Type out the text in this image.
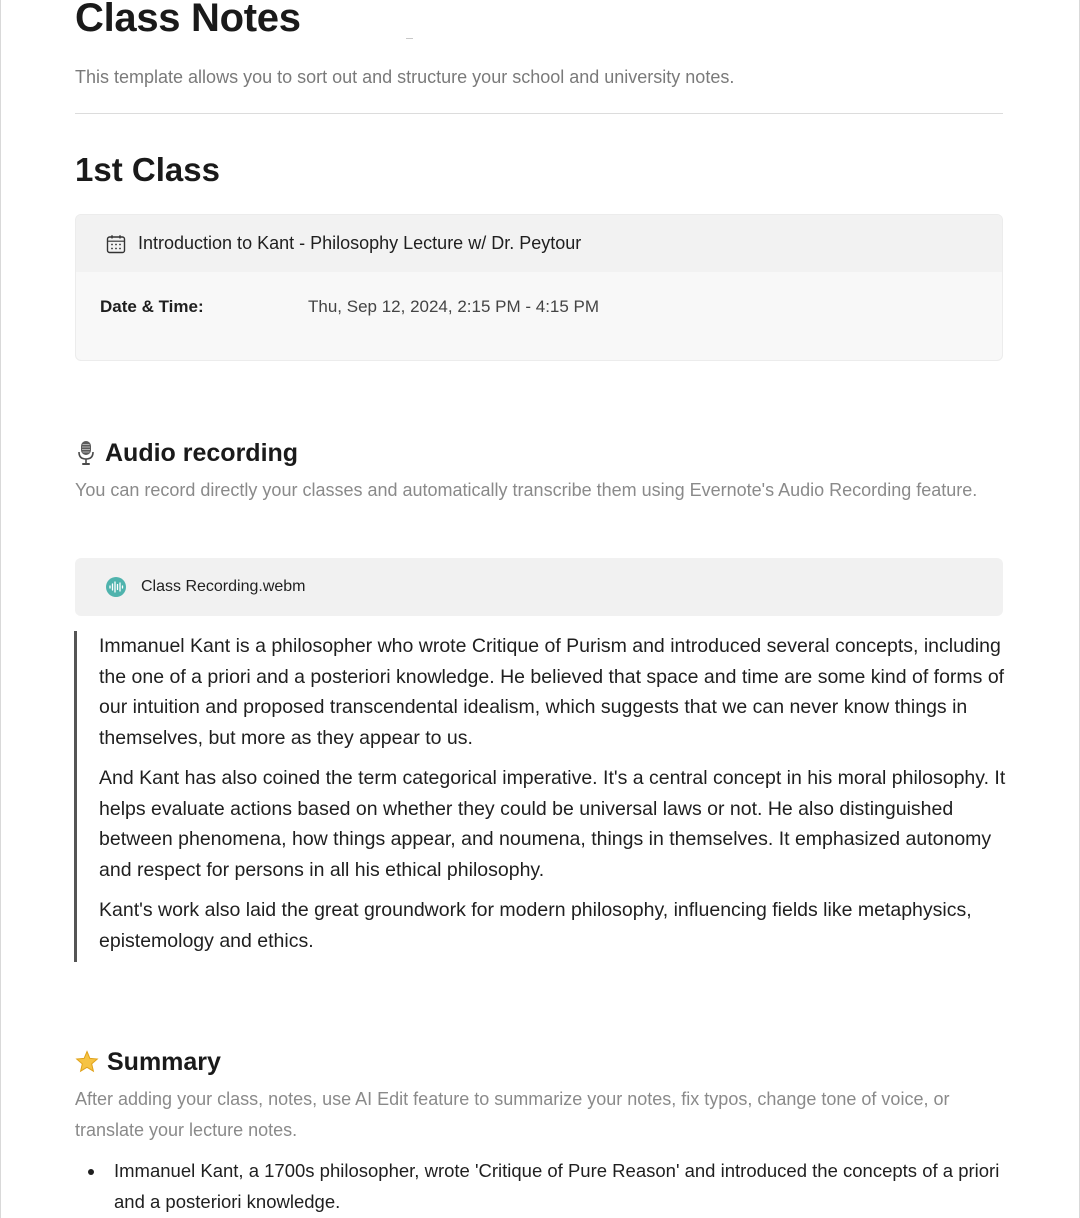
Class Notes

This template allows you to sort out and structure your school and university notes.

1st Class
Introduction to Kant - Philosophy Lecture w/ Dr. Peytour
Date & Time:	Thu, Sep 12, 2024, 2:15 PM - 4:15 PM
Audio recording

You can record directly your classes and automatically transcribe them using Evernote's Audio Recording feature.

Class Recording.webm

Immanuel Kant is a philosopher who wrote Critique of Purism and introduced several concepts, including the one of a priori and a posteriori knowledge. He believed that space and time are some kind of forms of our intuition and proposed transcendental idealism, which suggests that we can never know things in themselves, but more as they appear to us.

And Kant has also coined the term categorical imperative. It's a central concept in his moral philosophy. It helps evaluate actions based on whether they could be universal laws or not. He also distinguished between phenomena, how things appear, and noumena, things in themselves. It emphasized autonomy and respect for persons in all his ethical philosophy.

Kant's work also laid the great groundwork for modern philosophy, influencing fields like metaphysics, epistemology and ethics.

Summary

After adding your class, notes, use AI Edit feature to summarize your notes, fix typos, change tone of voice, or translate your lecture notes.

Immanuel Kant, a 1700s philosopher, wrote 'Critique of Pure Reason' and introduced the concepts of a priori and a posteriori knowledge.
